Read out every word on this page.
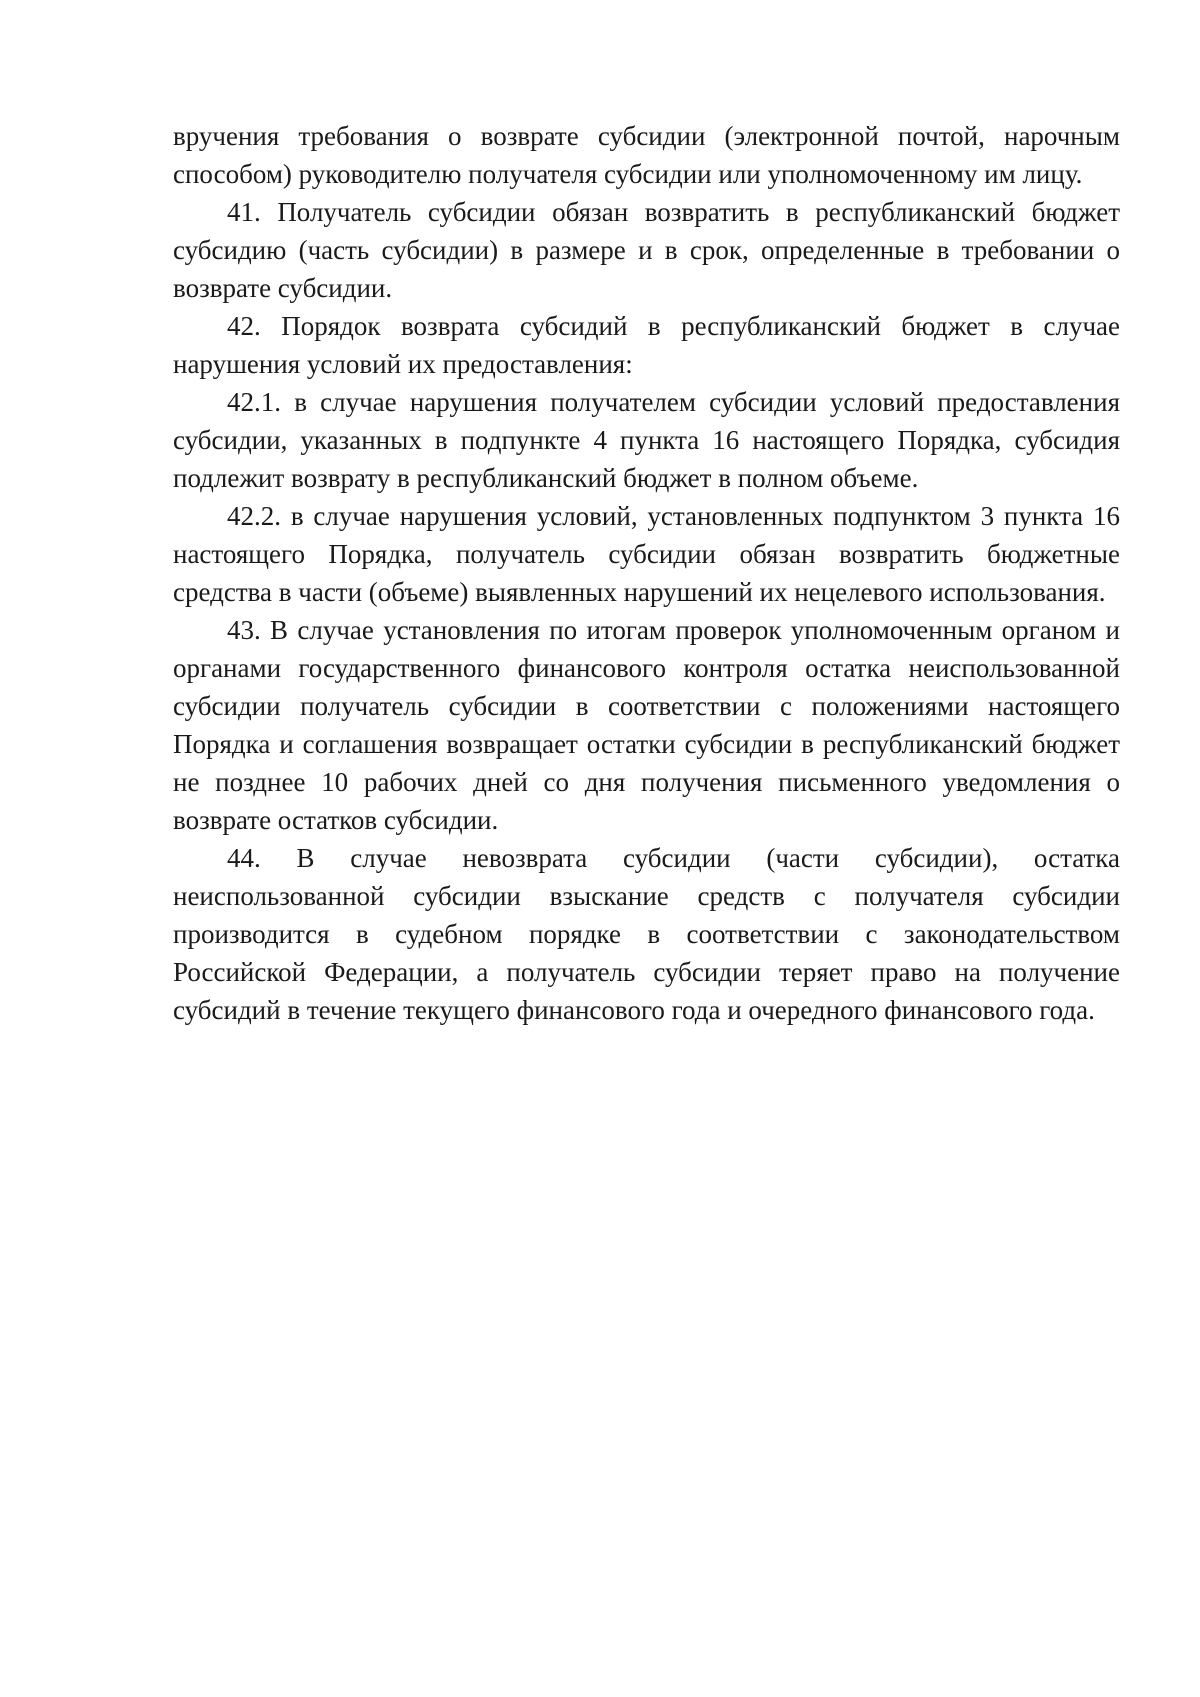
вручения требования о возврате субсидии (электронной почтой, нарочным способом) руководителю получателя субсидии или уполномоченному им лицу.

41. Получатель субсидии обязан возвратить в республиканский бюджет субсидию (часть субсидии) в размере и в срок, определенные в требовании о возврате субсидии.

42. Порядок возврата субсидий в республиканский бюджет в случае нарушения условий их предоставления:

42.1. в случае нарушения получателем субсидии условий предоставления субсидии, указанных в подпункте 4 пункта 16 настоящего Порядка, субсидия подлежит возврату в республиканский бюджет в полном объеме.

42.2. в случае нарушения условий, установленных подпунктом 3 пункта 16 настоящего Порядка, получатель субсидии обязан возвратить бюджетные средства в части (объеме) выявленных нарушений их нецелевого использования.

43. В случае установления по итогам проверок уполномоченным органом и органами государственного финансового контроля остатка неиспользованной субсидии получатель субсидии в соответствии с положениями настоящего Порядка и соглашения возвращает остатки субсидии в республиканский бюджет не позднее 10 рабочих дней со дня получения письменного уведомления о возврате остатков субсидии.

44. В случае невозврата субсидии (части субсидии), остатка неиспользованной субсидии взыскание средств с получателя субсидии производится в судебном порядке в соответствии с законодательством Российской Федерации, а получатель субсидии теряет право на получение субсидий в течение текущего финансового года и очередного финансового года.
